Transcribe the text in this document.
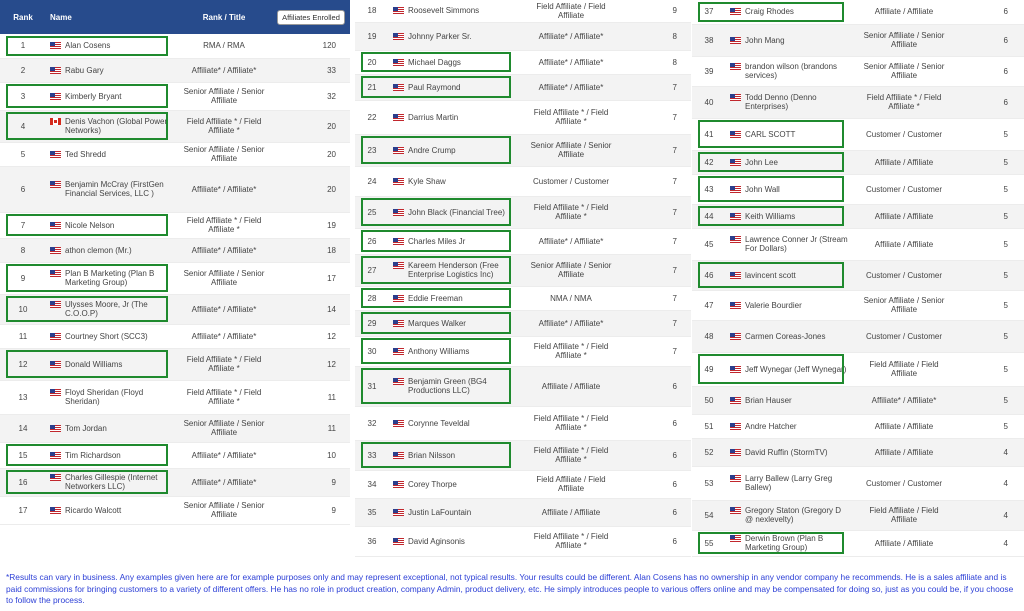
Rank	Name	Rank / Title	Affiliates Enrolled
1	Alan Cosens	RMA / RMA	120
2	Rabu Gary	Affiliate* / Affiliate*	33
3	Kimberly Bryant	Senior Affiliate / Senior Affiliate	32
4	Denis Vachon (Global Power Networks)	Field Affiliate * / Field Affiliate *	20
5	Ted Shredd	Senior Affiliate / Senior Affiliate	20
6	Benjamin McCray (FirstGen Financial Services, LLC )	Affiliate* / Affiliate*	20
7	Nicole Nelson	Field Affiliate * / Field Affiliate *	19
8	athon clemon (Mr.)	Affiliate* / Affiliate*	18
9	Plan B Marketing (Plan B Marketing Group)	Senior Affiliate / Senior Affiliate	17
10	Ulysses Moore, Jr (The C.O.O.P)	Affiliate* / Affiliate*	14
11	Courtney Short (SCC3)	Affiliate* / Affiliate*	12
12	Donald Williams	Field Affiliate * / Field Affiliate *	12
13	Floyd Sheridan (Floyd Sheridan)	Field Affiliate * / Field Affiliate *	11
14	Tom Jordan	Senior Affiliate / Senior Affiliate	11
15	Tim Richardson	Affiliate* / Affiliate*	10
16	Charles Gillespie (Internet Networkers LLC)	Affiliate* / Affiliate*	9
17	Ricardo Walcott	Senior Affiliate / Senior Affiliate	9
18	Roosevelt Simmons	Field Affiliate / Field Affiliate	9
19	Johnny Parker Sr.	Affiliate* / Affiliate*	8
20	Michael Daggs	Affiliate* / Affiliate*	8
21	Paul Raymond	Affiliate* / Affiliate*	7
22	Darrius Martin	Field Affiliate * / Field Affiliate *	7
23	Andre Crump	Senior Affiliate / Senior Affiliate	7
24	Kyle Shaw	Customer / Customer	7
25	John Black (Financial Tree)	Field Affiliate * / Field Affiliate *	7
26	Charles Miles Jr	Affiliate* / Affiliate*	7
27	Kareem Henderson (Free Enterprise Logistics Inc)	Senior Affiliate / Senior Affiliate	7
28	Eddie Freeman	NMA / NMA	7
29	Marques Walker	Affiliate* / Affiliate*	7
30	Anthony Williams	Field Affiliate * / Field Affiliate *	7
31	Benjamin Green (BG4 Productions LLC)	Affiliate / Affiliate	6
32	Corynne Teveldal	Field Affiliate * / Field Affiliate *	6
33	Brian Nilsson	Field Affiliate * / Field Affiliate *	6
34	Corey Thorpe	Field Affiliate / Field Affiliate	6
35	Justin LaFountain	Affiliate / Affiliate	6
36	David Aginsonis	Field Affiliate * / Field Affiliate *	6
37	Craig Rhodes	Affiliate / Affiliate	6
38	John Mang	Senior Affiliate / Senior Affiliate	6
39	brandon wilson (brandons services)	Senior Affiliate / Senior Affiliate	6
40	Todd Denno (Denno Enterprises)	Field Affiliate * / Field Affiliate *	6
41	CARL SCOTT	Customer / Customer	5
42	John Lee	Affiliate / Affiliate	5
43	John Wall	Customer / Customer	5
44	Keith Williams	Affiliate / Affiliate	5
45	Lawrence Conner Jr (Stream For Dollars)	Affiliate / Affiliate	5
46	lavincent scott	Customer / Customer	5
47	Valerie Bourdier	Senior Affiliate / Senior Affiliate	5
48	Carmen Coreas-Jones	Customer / Customer	5
49	Jeff Wynegar (Jeff Wynegar)	Field Affiliate / Field Affiliate	5
50	Brian Hauser	Affiliate* / Affiliate*	5
51	Andre Hatcher	Affiliate / Affiliate	5
52	David Ruffin (StormTV)	Affiliate / Affiliate	4
53	Larry Ballew (Larry Greg Ballew)	Customer / Customer	4
54	Gregory Staton (Gregory D @ nexlevelty)	Field Affiliate / Field Affiliate	4
55	Derwin Brown (Plan B Marketing Group)	Affiliate / Affiliate	4
*Results can vary in business. Any examples given here are for example purposes only and may represent exceptional, not typical results. Your results could be different. Alan Cosens has no ownership in any vendor company he recommends. He is a sales affiliate and is paid commissions for bringing customers to a variety of different offers. He has no role in product creation, company Admin, product delivery, etc. He simply introduces people to various offers online and may be compensated for doing so, just as you could be, if you choose to follow the process.
